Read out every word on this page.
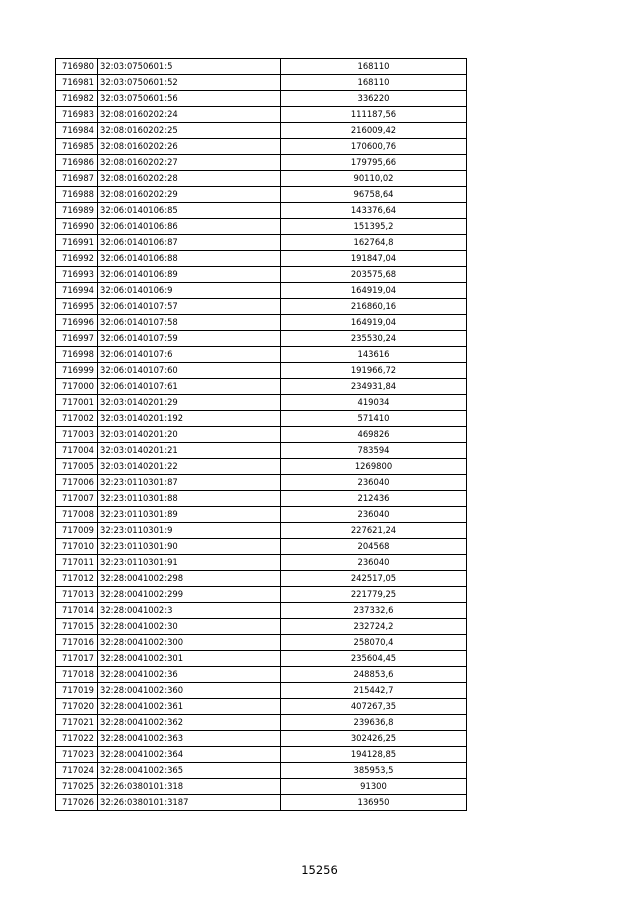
716980	32:03:0750601:5	168110
716981	32:03:0750601:52	168110
716982	32:03:0750601:56	336220
716983	32:08:0160202:24	111187,56
716984	32:08:0160202:25	216009,42
716985	32:08:0160202:26	170600,76
716986	32:08:0160202:27	179795,66
716987	32:08:0160202:28	90110,02
716988	32:08:0160202:29	96758,64
716989	32:06:0140106:85	143376,64
716990	32:06:0140106:86	151395,2
716991	32:06:0140106:87	162764,8
716992	32:06:0140106:88	191847,04
716993	32:06:0140106:89	203575,68
716994	32:06:0140106:9	164919,04
716995	32:06:0140107:57	216860,16
716996	32:06:0140107:58	164919,04
716997	32:06:0140107:59	235530,24
716998	32:06:0140107:6	143616
716999	32:06:0140107:60	191966,72
717000	32:06:0140107:61	234931,84
717001	32:03:0140201:29	419034
717002	32:03:0140201:192	571410
717003	32:03:0140201:20	469826
717004	32:03:0140201:21	783594
717005	32:03:0140201:22	1269800
717006	32:23:0110301:87	236040
717007	32:23:0110301:88	212436
717008	32:23:0110301:89	236040
717009	32:23:0110301:9	227621,24
717010	32:23:0110301:90	204568
717011	32:23:0110301:91	236040
717012	32:28:0041002:298	242517,05
717013	32:28:0041002:299	221779,25
717014	32:28:0041002:3	237332,6
717015	32:28:0041002:30	232724,2
717016	32:28:0041002:300	258070,4
717017	32:28:0041002:301	235604,45
717018	32:28:0041002:36	248853,6
717019	32:28:0041002:360	215442,7
717020	32:28:0041002:361	407267,35
717021	32:28:0041002:362	239636,8
717022	32:28:0041002:363	302426,25
717023	32:28:0041002:364	194128,85
717024	32:28:0041002:365	385953,5
717025	32:26:0380101:318	91300
717026	32:26:0380101:3187	136950
15256
